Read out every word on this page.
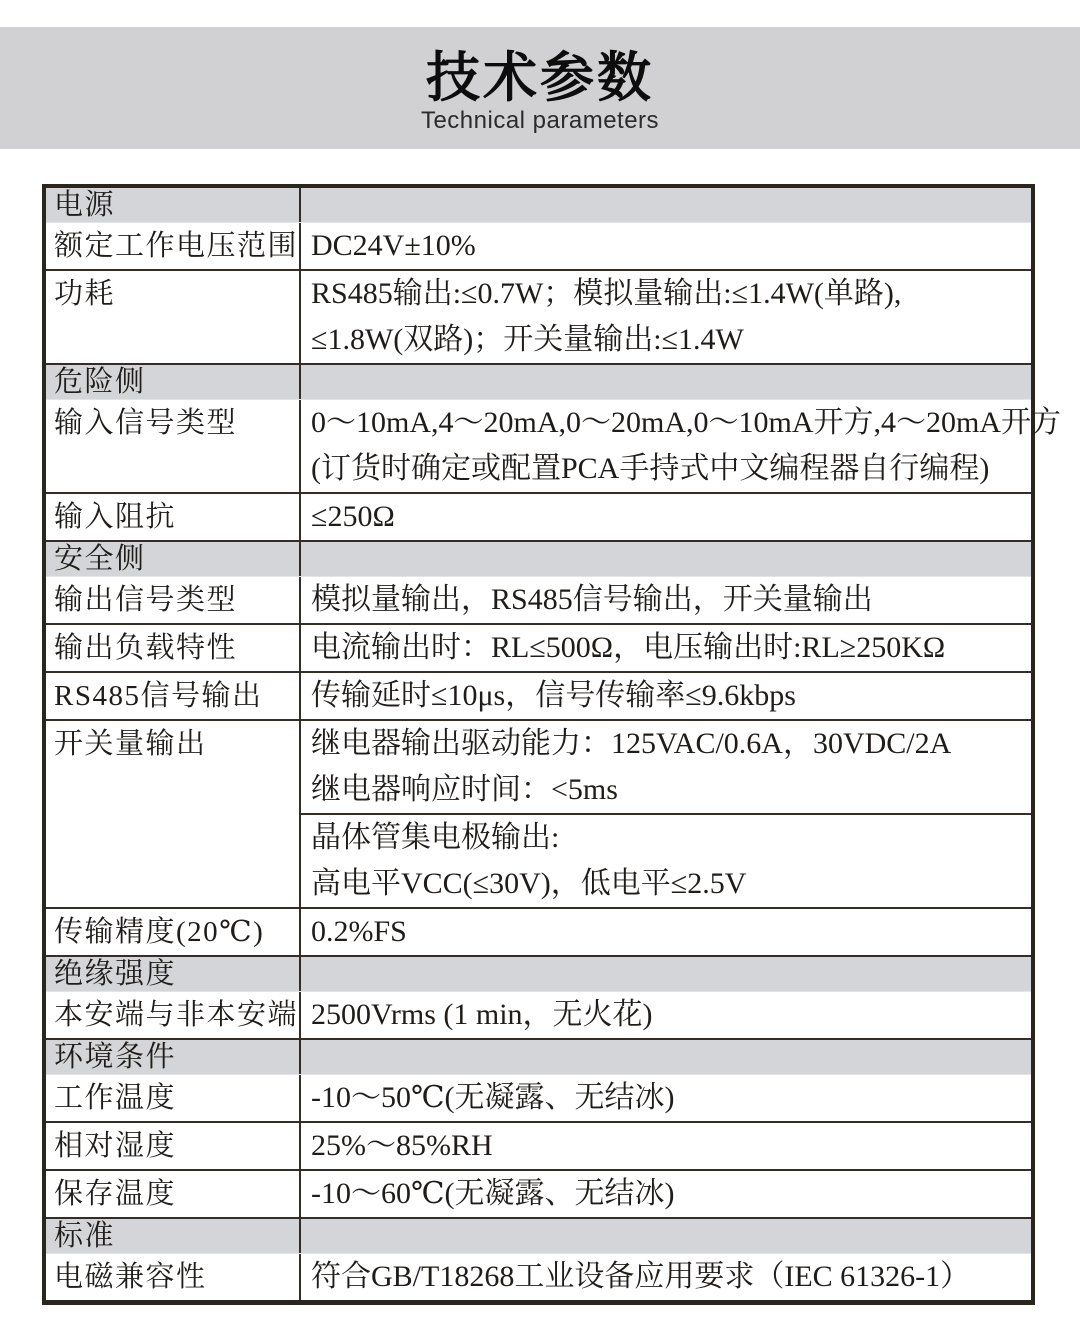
技术参数
Technical parameters
电源
额定工作电压范围 DC24V±10%
功耗	RS485输出:≤0.7W；模拟量输出:≤1.4W(单路),
≤1.8W(双路)；开关量输出:≤1.4W
危险侧
输入信号类型	0～10mA,4～20mA,0～20mA,0～10mA开方,4～20mA开方
(订货时确定或配置PCA手持式中文编程器自行编程)
输入阻抗	≤250Ω
安全侧
输出信号类型	模拟量输出，RS485信号输出，开关量输出
输出负载特性	电流输出时：RL≤500Ω，电压输出时:RL≥250KΩ
RS485信号输出	传输延时≤10μs，信号传输率≤9.6kbps
开关量输出	继电器输出驱动能力：125VAC/0.6A，30VDC/2A
继电器响应时间：<5ms
晶体管集电极输出:
高电平VCC(≤30V)，低电平≤2.5V
传输精度(20℃)	0.2%FS
绝缘强度
本安端与非本安端 2500Vrms (1 min，无火花)
环境条件
工作温度	-10～50℃(无凝露、无结冰)
相对湿度	25%～85%RH
保存温度	-10～60℃(无凝露、无结冰)
标准
电磁兼容性	符合GB/T18268工业设备应用要求（IEC 61326-1）
